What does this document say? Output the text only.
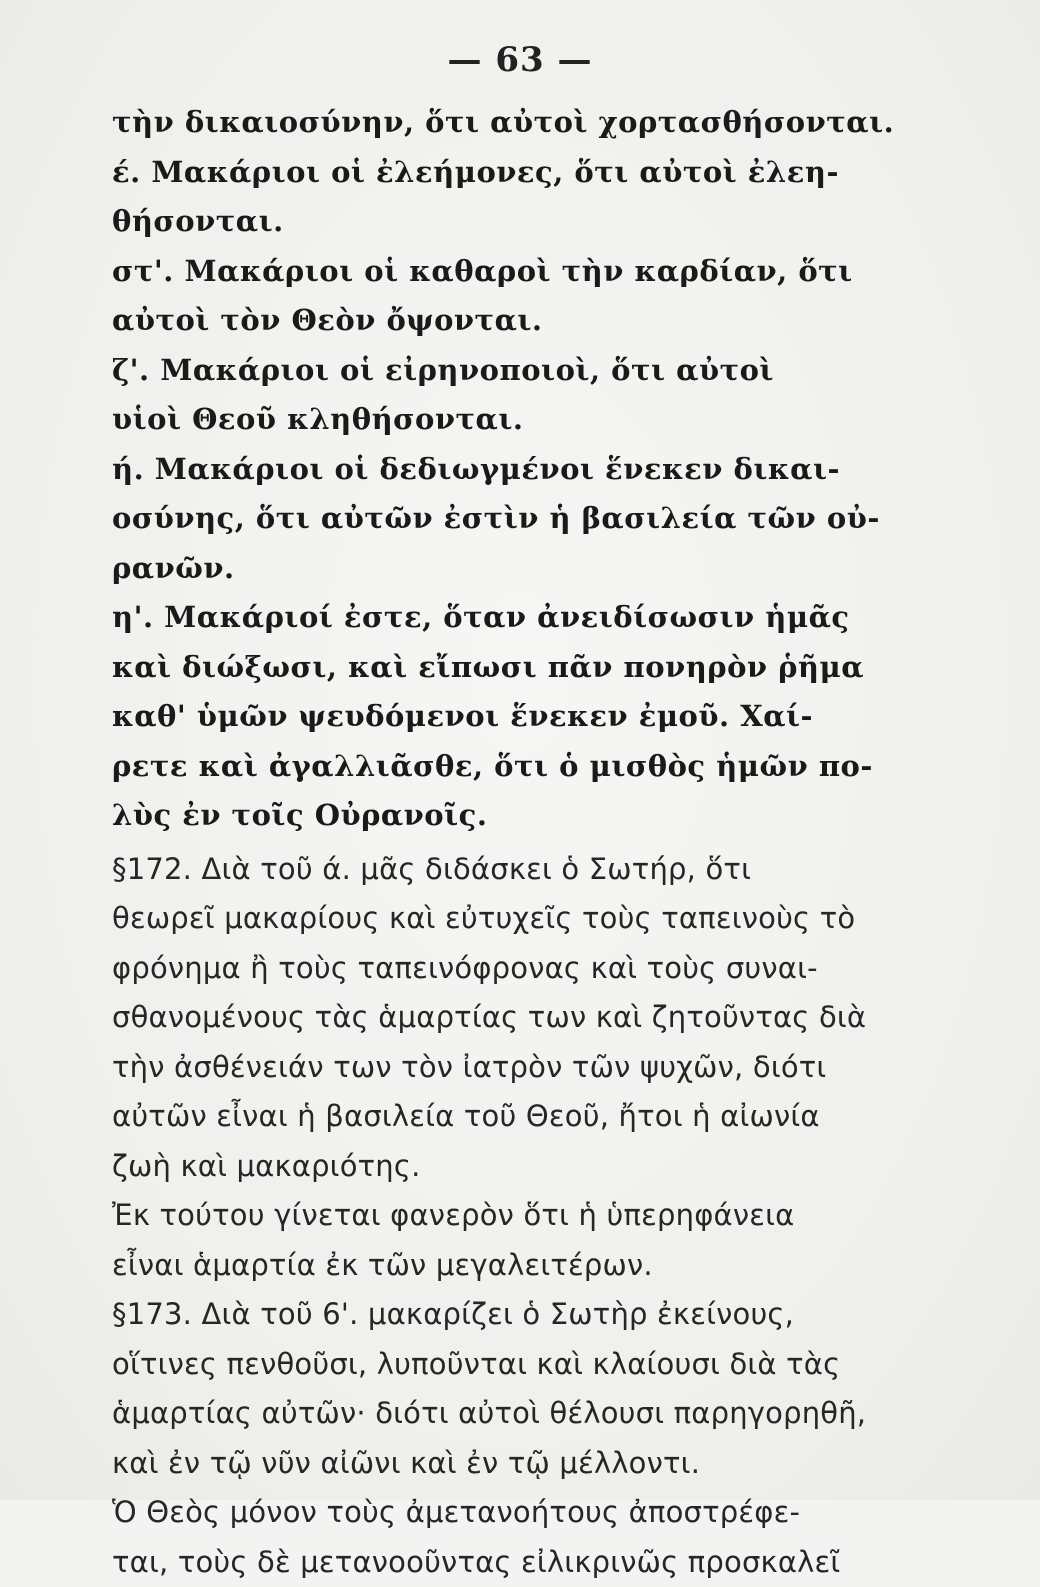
— 63 —
τὴν δικαιοσύνην, ὅτι αὐτοὶ χορτασθήσονται.
έ. Μακάριοι οἱ ἐλεήμονες, ὅτι αὐτοὶ ἐλεη-
θήσονται.
στ'. Μακάριοι οἱ καθαροὶ τὴν καρδίαν, ὅτι
αὐτοὶ τὸν Θεὸν ὄψονται.
ζ'. Μακάριοι οἱ εἰρηνοποιοὶ, ὅτι αὐτοὶ
υἱοὶ Θεοῦ κληθήσονται.
ή. Μακάριοι οἱ δεδιωγμένοι ἕνεκεν δικαι-
οσύνης, ὅτι αὐτῶν ἐστὶν ἡ βασιλεία τῶν οὐ-
ρανῶν.
η'. Μακάριοί ἐστε, ὅταν ἀνειδίσωσιν ἡμᾶς
καὶ διώξωσι, καὶ εἴπωσι πᾶν πονηρὸν ῥῆμα
καθ' ὑμῶν ψευδόμενοι ἕνεκεν ἐμοῦ. Χαί-
ρετε καὶ ἀγαλλιᾶσθε, ὅτι ὁ μισθὸς ἡμῶν πο-
λὺς ἐν τοῖς Οὐρανοῖς.
§172. Διὰ τοῦ ά. μᾶς διδάσκει ὁ Σωτήρ, ὅτι
θεωρεῖ μακαρίους καὶ εὐτυχεῖς τοὺς ταπεινοὺς τὸ
φρόνημα ἢ τοὺς ταπεινόφρονας καὶ τοὺς συναι-
σθανομένους τὰς ἁμαρτίας των καὶ ζητοῦντας διὰ
τὴν ἀσθένειάν των τὸν ἰατρὸν τῶν ψυχῶν, διότι
αὐτῶν εἶναι ἡ βασιλεία τοῦ Θεοῦ, ἤτοι ἡ αἰωνία
ζωὴ καὶ μακαριότης.
Ἐκ τούτου γίνεται φανερὸν ὅτι ἡ ὑπερηφάνεια
εἶναι ἁμαρτία ἐκ τῶν μεγαλειτέρων.
§173. Διὰ τοῦ 6'. μακαρίζει ὁ Σωτὴρ ἐκείνους,
οἵτινες πενθοῦσι, λυποῦνται καὶ κλαίουσι διὰ τὰς
ἁμαρτίας αὐτῶν· διότι αὐτοὶ θέλουσι παρηγορηθῆ,
καὶ ἐν τῷ νῦν αἰῶνι καὶ ἐν τῷ μέλλοντι.
Ὁ Θεὸς μόνον τοὺς ἀμετανοήτους ἀποστρέφε-
ται, τοὺς δὲ μετανοοῦντας εἰλικρινῶς προσκαλεῖ
